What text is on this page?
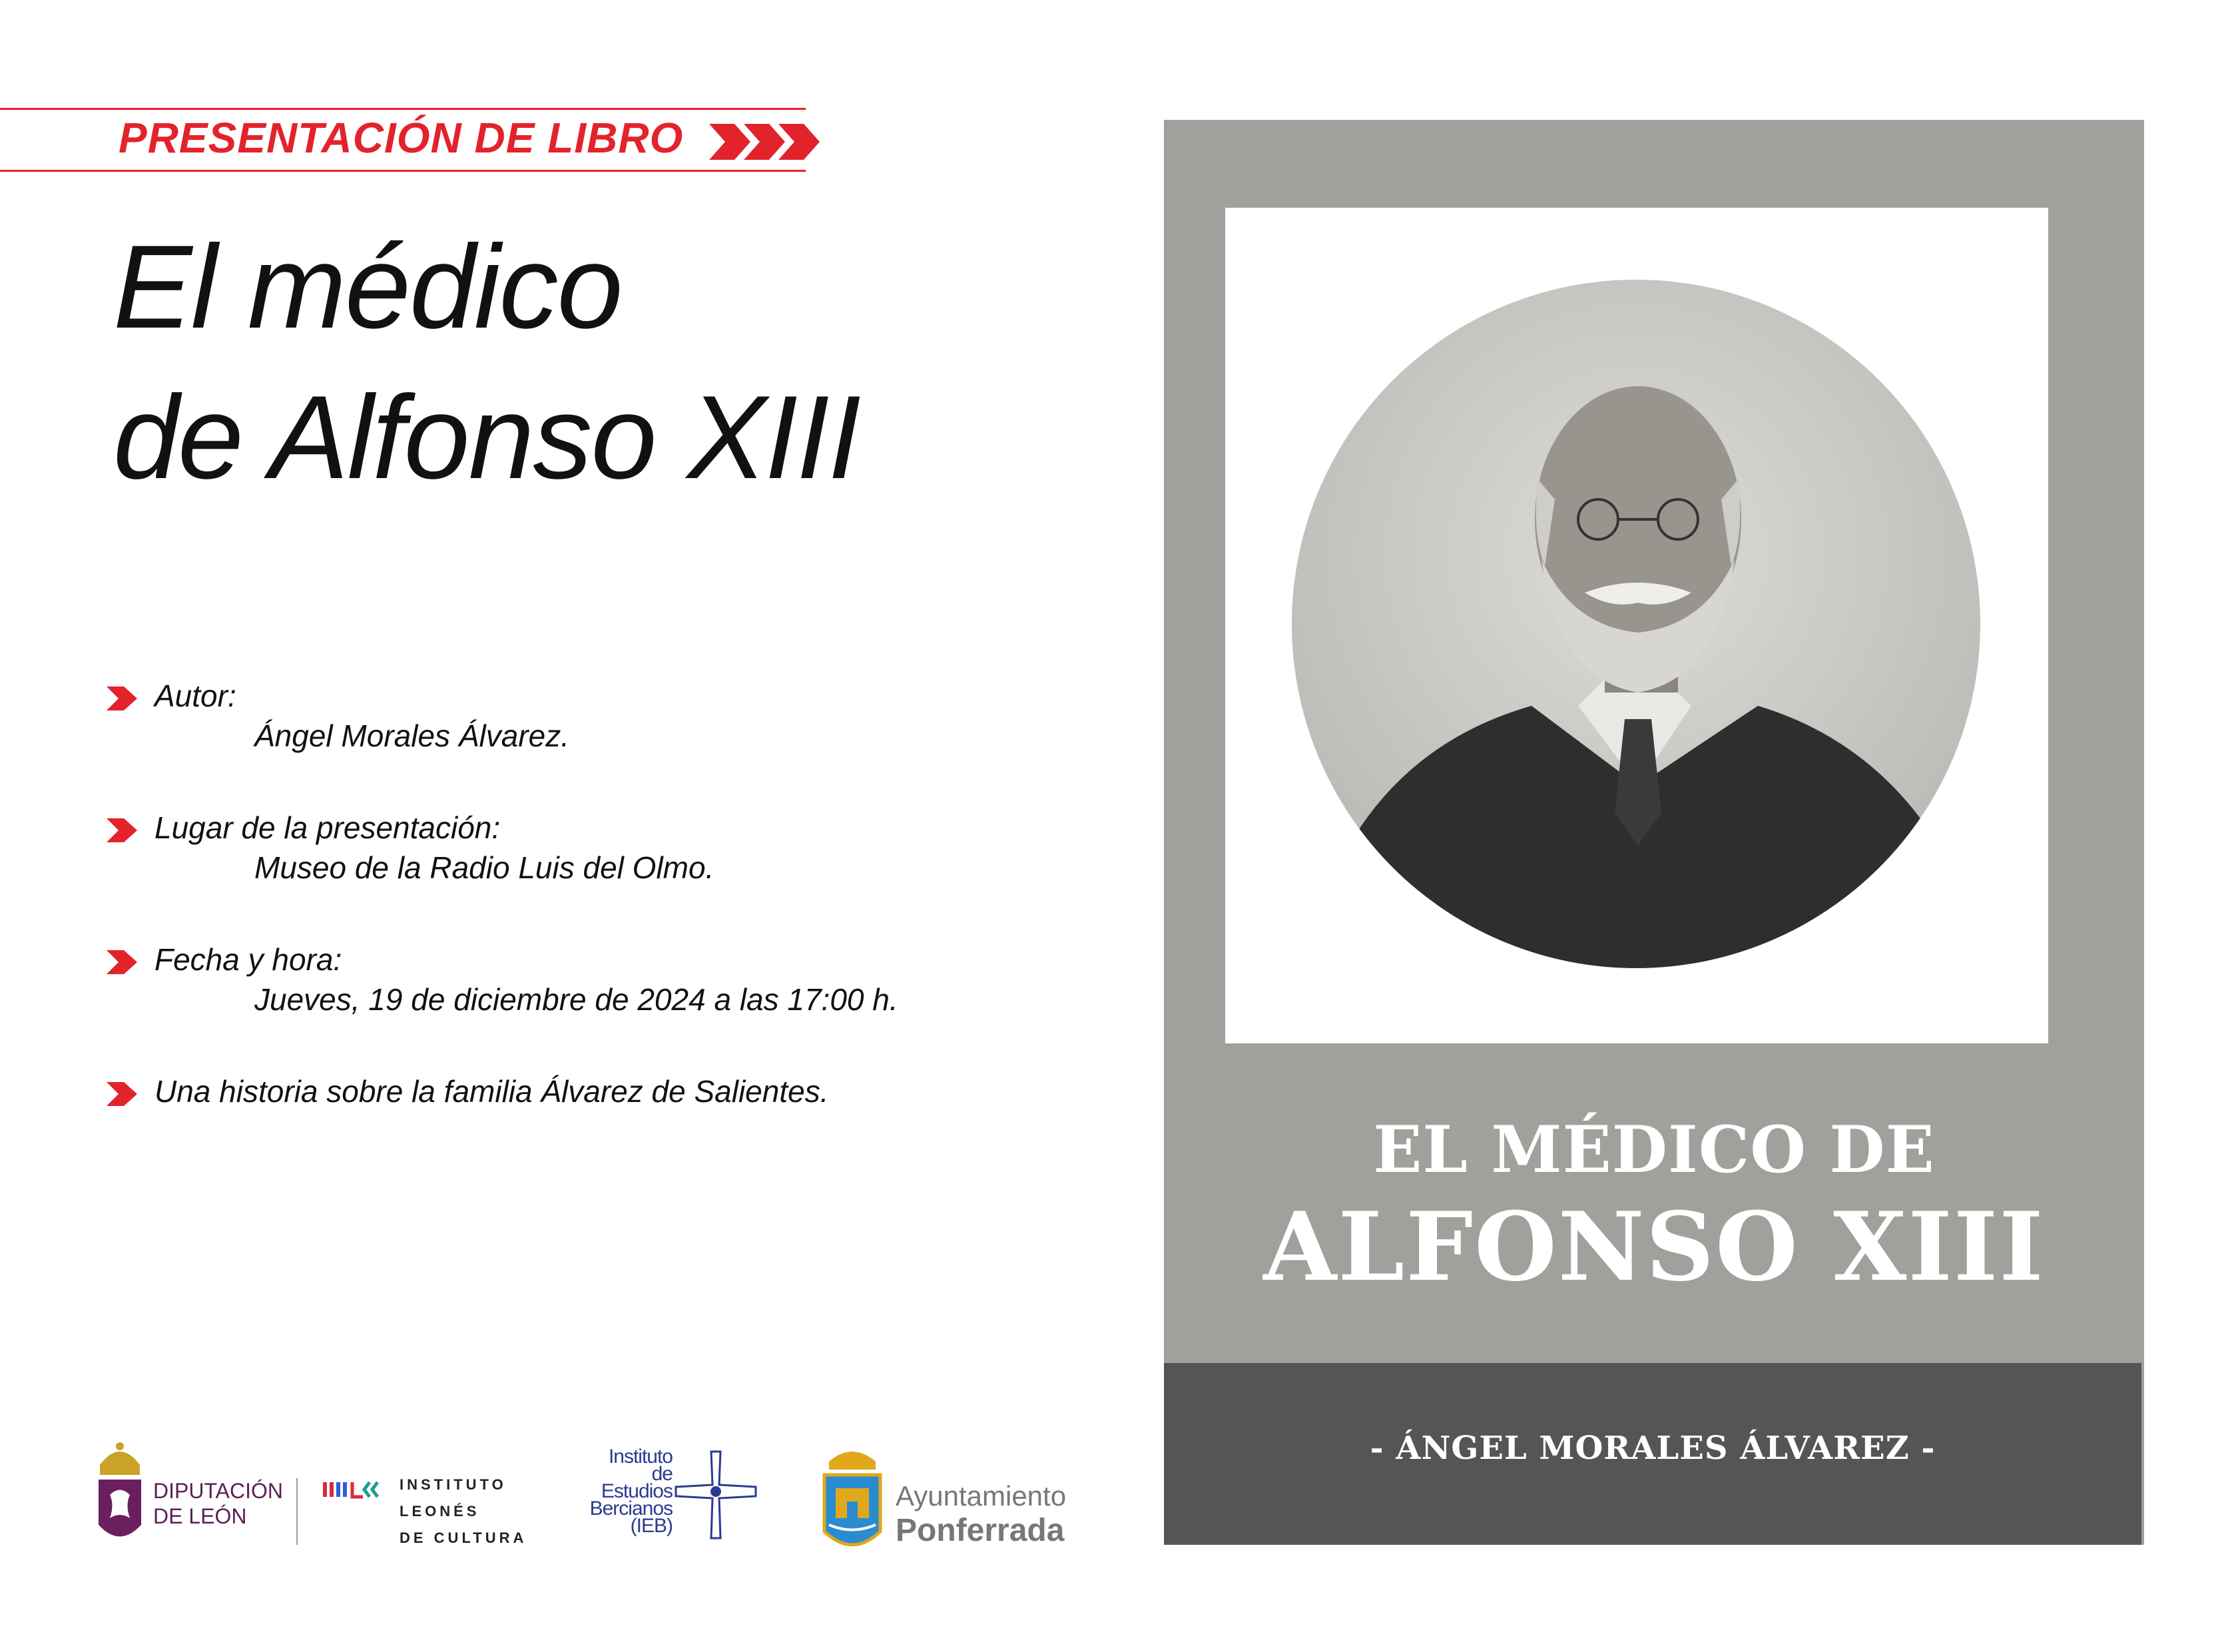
PRESENTACIÓN DE LIBRO
El médico
de Alfonso XIII
Autor:
Ángel Morales Álvarez.
Lugar de la presentación:
Museo de la Radio Luis del Olmo.
Fecha y hora:
Jueves, 19 de diciembre de 2024 a las 17:00 h.
Una historia sobre la familia Álvarez de Salientes.
DIPUTACIÓN
DE LEÓN
INSTITUTO
LEONÉS
DE CULTURA
Instituto
de Estudios
Bercianos
(IEB)
Ayuntamiento
Ponferrada
EL MÉDICO DE
ALFONSO XIII
- ÁNGEL MORALES ÁLVAREZ -
